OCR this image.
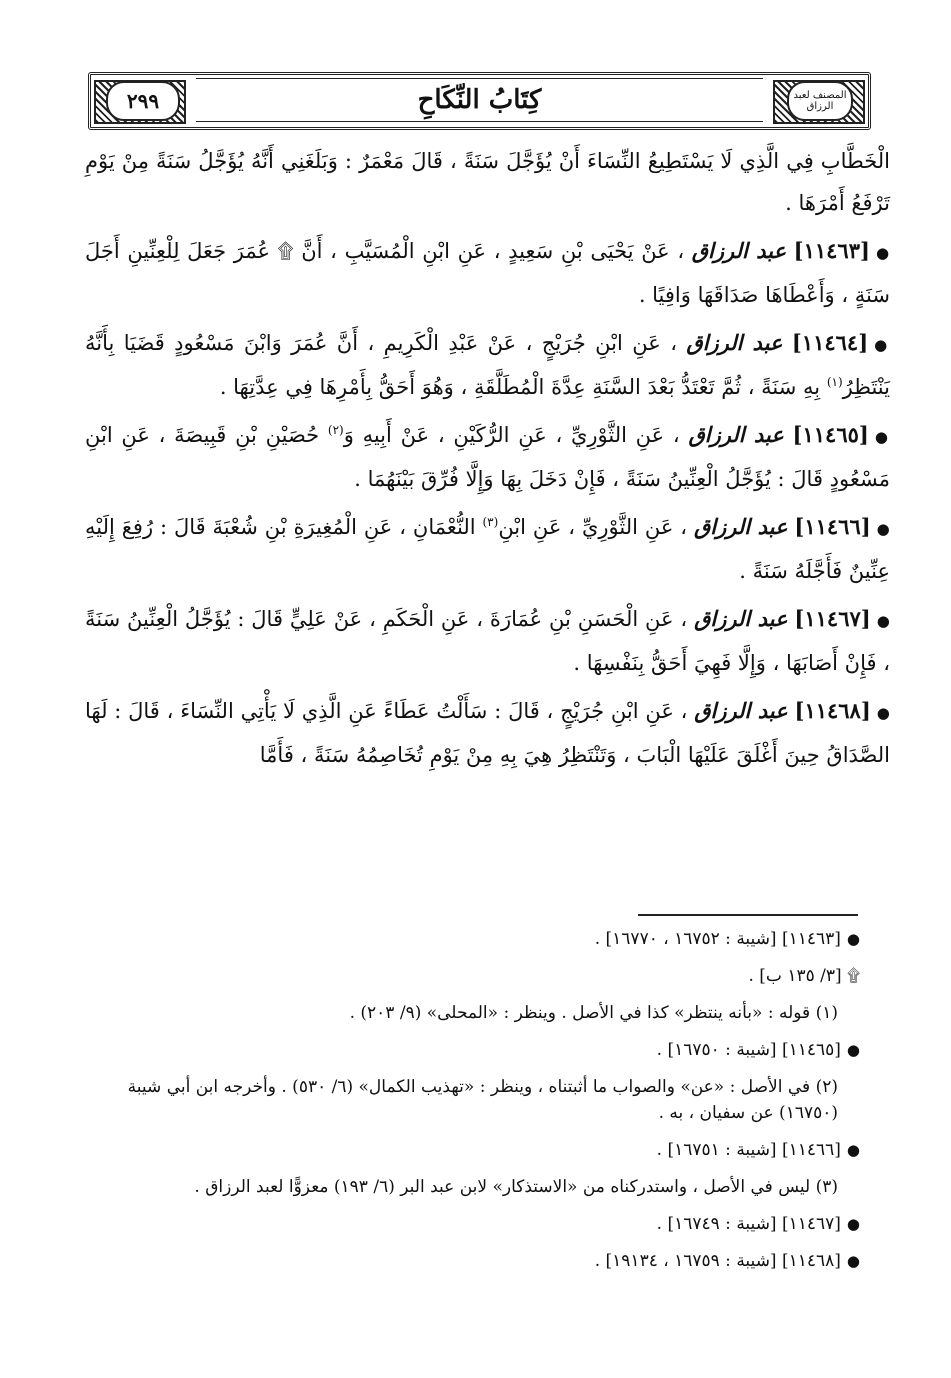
٢٩٩	المصنف لعبد الرزاق
كِتَابُ النِّكَاحِ

الْخَطَّابِ فِي الَّذِي لَا يَسْتَطِيعُ النِّسَاءَ أَنْ يُؤَجَّلَ سَنَةً ، قَالَ مَعْمَرٌ : وَبَلَغَنِي أَنَّهُ يُؤَجَّلُ سَنَةً مِنْ يَوْمِ تَرْفَعُ أَمْرَهَا .

●[١١٤٦٣] عبد الرزاق ، عَنْ يَحْيَى بْنِ سَعِيدٍ ، عَنِ ابْنِ الْمُسَيَّبِ ، أَنَّ ۩ عُمَرَ جَعَلَ لِلْعِنِّينِ أَجَلَ سَنَةٍ ، وَأَعْطَاهَا صَدَاقَهَا وَافِيًا .

●[١١٤٦٤] عبد الرزاق ، عَنِ ابْنِ جُرَيْجٍ ، عَنْ عَبْدِ الْكَرِيمِ ، أَنَّ عُمَرَ وَابْنَ مَسْعُودٍ قَضَيَا بِأَنَّهُ يَنْتَظِرُ$^{(١)}$ بِهِ سَنَةً ، ثُمَّ تَعْتَدُّ بَعْدَ السَّنَةِ عِدَّةَ الْمُطَلَّقَةِ ، وَهُوَ أَحَقُّ بِأَمْرِهَا فِي عِدَّتِهَا .

●[١١٤٦٥] عبد الرزاق ، عَنِ الثَّوْرِيِّ ، عَنِ الرُّكَيْنِ ، عَنْ أَبِيهِ وَ$^{(٢)}$ حُصَيْنِ بْنِ قَبِيصَةَ ، عَنِ ابْنِ مَسْعُودٍ قَالَ : يُؤَجَّلُ الْعِنِّينُ سَنَةً ، فَإِنْ دَخَلَ بِهَا وَإِلَّا فُرِّقَ بَيْنَهُمَا .

●[١١٤٦٦] عبد الرزاق ، عَنِ الثَّوْرِيِّ ، عَنِ ابْنِ$^{(٣)}$ النُّعْمَانِ ، عَنِ الْمُغِيرَةِ بْنِ شُعْبَةَ قَالَ : رُفِعَ إِلَيْهِ عِنِّينٌ فَأَجَّلَهُ سَنَةً .

●[١١٤٦٧] عبد الرزاق ، عَنِ الْحَسَنِ بْنِ عُمَارَةَ ، عَنِ الْحَكَمِ ، عَنْ عَلِيٍّ قَالَ : يُؤَجَّلُ الْعِنِّينُ سَنَةً ، فَإِنْ أَصَابَهَا ، وَإِلَّا فَهِيَ أَحَقُّ بِنَفْسِهَا .

●[١١٤٦٨] عبد الرزاق ، عَنِ ابْنِ جُرَيْجٍ ، قَالَ : سَأَلْتُ عَطَاءً عَنِ الَّذِي لَا يَأْتِي النِّسَاءَ ، قَالَ : لَهَا الصَّدَاقُ حِينَ أَغْلَقَ عَلَيْهَا الْبَابَ ، وَتَنْتَظِرُ هِيَ بِهِ مِنْ يَوْمِ تُخَاصِمُهُ سَنَةً ، فَأَمَّا

●[١١٤٦٣] [شيبة : ١٦٧٥٢ ، ١٦٧٧٠] .

۩ [٣/ ١٣٥ ب] .

(١) قوله : «بأنه ينتظر» كذا في الأصل . وينظر : «المحلى» (٩/ ٢٠٣) .

●[١١٤٦٥] [شيبة : ١٦٧٥٠] .

(٢) في الأصل : «عن» والصواب ما أثبتناه ، وينظر : «تهذيب الكمال» (٦/ ٥٣٠) . وأخرجه ابن أبي شيبة (١٦٧٥٠) عن سفيان ، به .

●[١١٤٦٦] [شيبة : ١٦٧٥١] .

(٣) ليس في الأصل ، واستدركناه من «الاستذكار» لابن عبد البر (٦/ ١٩٣) معزوًّا لعبد الرزاق .

●[١١٤٦٧] [شيبة : ١٦٧٤٩] .

●[١١٤٦٨] [شيبة : ١٦٧٥٩ ، ١٩١٣٤] .
